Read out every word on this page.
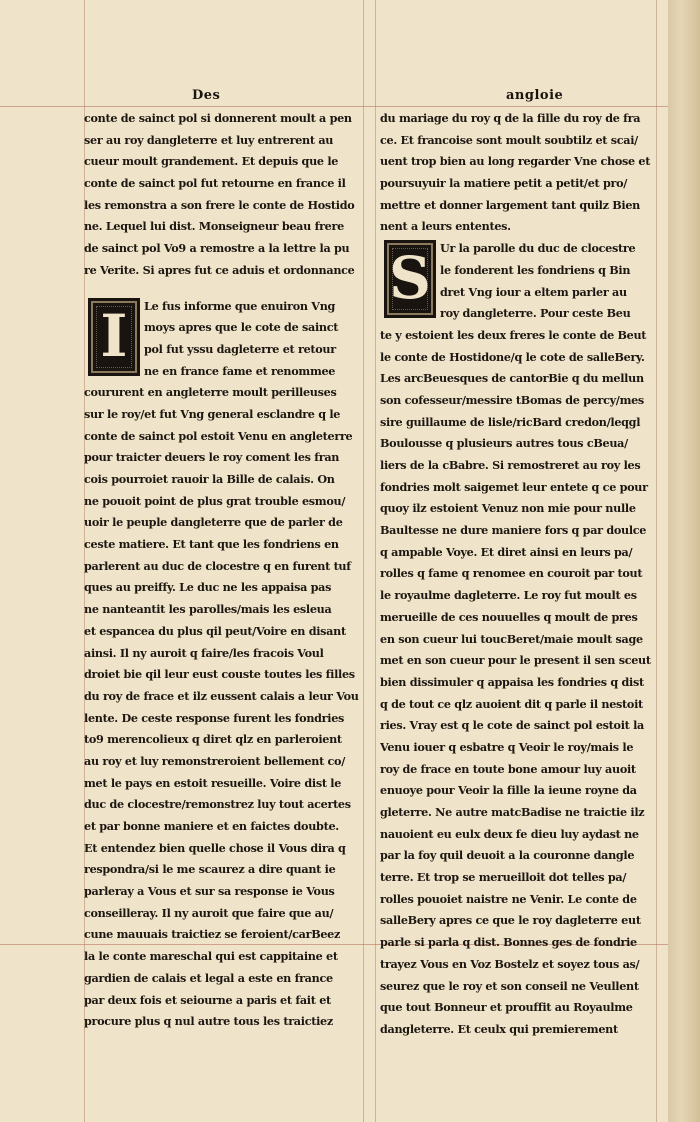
Des	angloie
conte de sainct pol si donnerent moult a pen
ser au roy dangleterre et luy entrerent au
cueur moult grandement. Et depuis que le
conte de sainct pol fut retourne en france il
les remonstra a son frere le conte de Hostido
ne. Lequel lui dist. Monseigneur beau frere
de sainct pol Vo9 a remostre a la lettre la pu
re Verite. Si apres fut ce aduis et ordonnance
I	Le fus informe que enuiron Vng
moys apres que le cote de sainct
pol fut yssu dagleterre et retour
ne en france fame et renommee
coururent en angleterre moult perilleuses
sur le roy/et fut Vng general esclandre q le
conte de sainct pol estoit Venu en angleterre
pour traicter deuers le roy coment les fran
cois pourroiet rauoir la Bille de calais. On
ne pouoit point de plus grat trouble esmou/
uoir le peuple dangleterre que de parler de
ceste matiere. Et tant que les fondriens en
parlerent au duc de clocestre q en furent tuf
ques au preiffy. Le duc ne les appaisa pas
ne nanteantit les parolles/mais les esleua
et espancea du plus qil peut/Voire en disant
ainsi. Il ny auroit q faire/les fracois Voul
droiet bie qil leur eust couste toutes les filles
du roy de frace et ilz eussent calais a leur Vou
lente. De ceste response furent les fondries
to9 merencolieux q diret qlz en parleroient
au roy et luy remonstreroient bellement co/
met le pays en estoit resueille. Voire dist le
duc de clocestre/remonstrez luy tout acertes
et par bonne maniere et en faictes doubte.
Et entendez bien quelle chose il Vous dira q
respondra/si le me scaurez a dire quant ie
parleray a Vous et sur sa response ie Vous
conseilleray. Il ny auroit que faire que au/
cune mauuais traictiez se feroient/carBeez
la le conte mareschal qui est cappitaine et
gardien de calais et legal a este en france
par deux fois et seiourne a paris et fait et
procure plus q nul autre tous les traictiez
du mariage du roy q de la fille du roy de fra
ce. Et francoise sont moult soubtilz et scai/
uent trop bien au long regarder Vne chose et
poursuyuir la matiere petit a petit/et pro/
mettre et donner largement tant quilz Bien
nent a leurs ententes.
S Ur la parolle du duc de clocestre
le fonderent les fondriens q Bin
dret Vng iour a eltem parler au
roy dangleterre. Pour ceste Beu
te y estoient les deux freres le conte de Beut
le conte de Hostidone/q le cote de salleBery.
Les arcBeuesques de cantorBie q du mellun
son cofesseur/messire tBomas de percy/mes
sire guillaume de lisle/ricBard credon/leqgl
Boulousse q plusieurs autres tous cBeua/
liers de la cBabre. Si remostreret au roy les
fondries molt saigemet leur entete q ce pour
quoy ilz estoient Venuz non mie pour nulle
Baultesse ne dure maniere fors q par doulce
q ampable Voye. Et diret ainsi en leurs pa/
rolles q fame q renomee en couroit par tout
le royaulme dagleterre. Le roy fut moult es
merueille de ces nouuelles q moult de pres
en son cueur lui toucBeret/maie moult sage
met en son cueur pour le present il sen sceut
bien dissimuler q appaisa les fondries q dist
q de tout ce qlz auoient dit q parle il nestoit
ries. Vray est q le cote de sainct pol estoit la
Venu iouer q esbatre q Veoir le roy/mais le
roy de frace en toute bone amour luy auoit
enuoye pour Veoir la fille la ieune royne da
gleterre. Ne autre matcBadise ne traictie ilz
nauoient eu eulx deux fe dieu luy aydast ne
par la foy quil deuoit a la couronne dangle
terre. Et trop se merueilloit dot telles pa/
rolles pouoiet naistre ne Venir. Le conte de
salleBery apres ce que le roy dagleterre eut
parle si parla q dist. Bonnes ges de fondrie
trayez Vous en Voz Bostelz et soyez tous as/
seurez que le roy et son conseil ne Veullent
que tout Bonneur et prouffit au Royaulme
dangleterre. Et ceulx qui premierement
